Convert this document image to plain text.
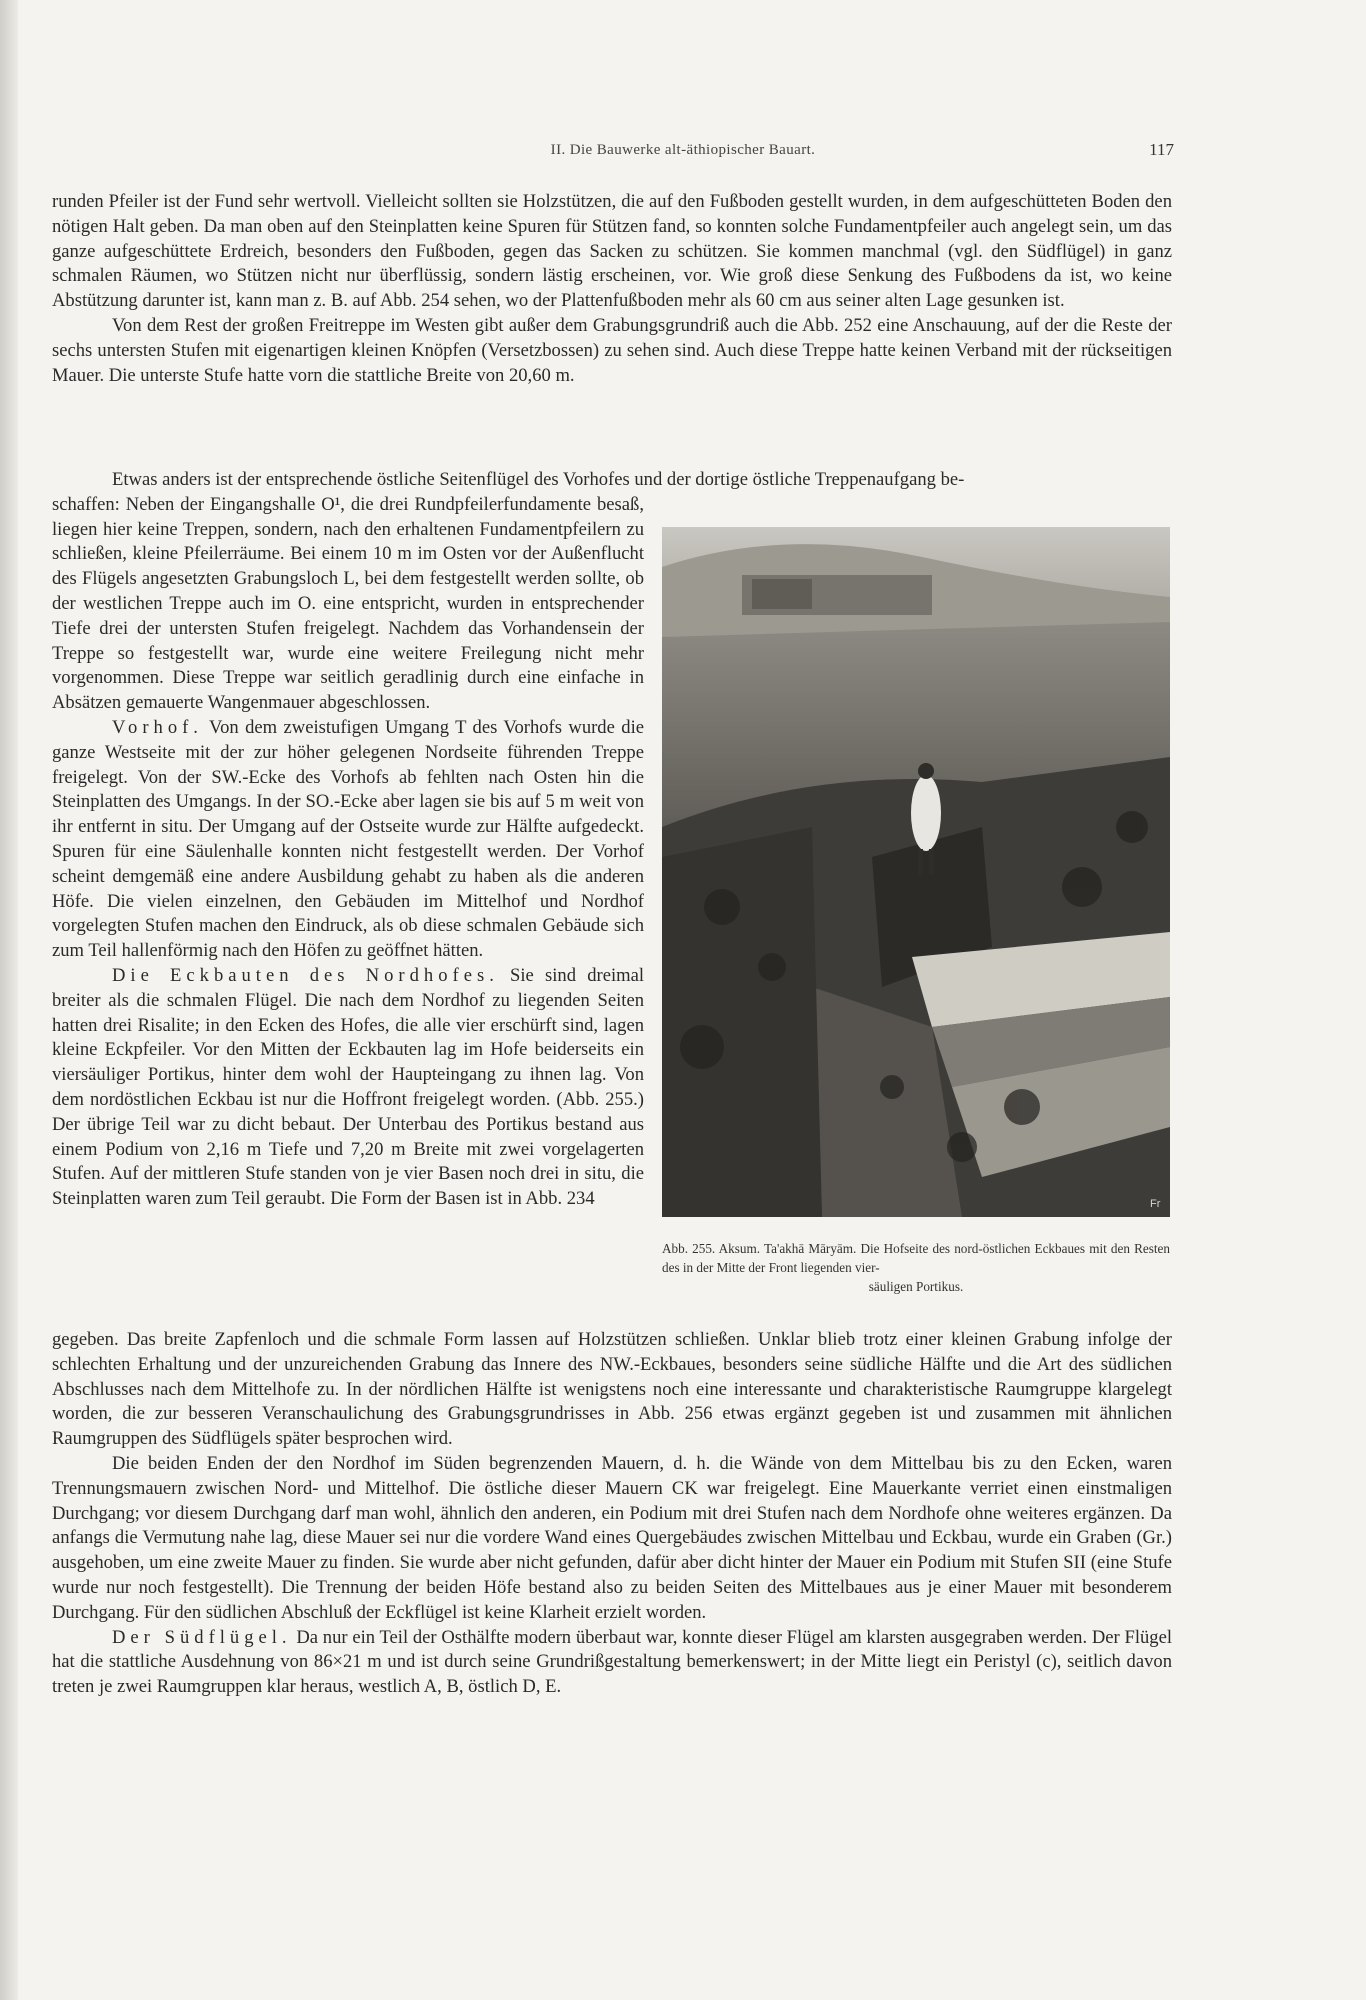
II. Die Bauwerke alt-äthiopischer Bauart.	117

runden Pfeiler ist der Fund sehr wertvoll. Vielleicht sollten sie Holzstützen, die auf den Fußboden gestellt wurden, in dem aufgeschütteten Boden den nötigen Halt geben. Da man oben auf den Steinplatten keine Spuren für Stützen fand, so konnten solche Fundamentpfeiler auch angelegt sein, um das ganze aufgeschüttete Erdreich, besonders den Fußboden, gegen das Sacken zu schützen. Sie kommen manchmal (vgl. den Südflügel) in ganz schmalen Räumen, wo Stützen nicht nur überflüssig, sondern lästig erscheinen, vor. Wie groß diese Senkung des Fußbodens da ist, wo keine Abstützung darunter ist, kann man z. B. auf Abb. 254 sehen, wo der Plattenfußboden mehr als 60 cm aus seiner alten Lage gesunken ist.

Von dem Rest der großen Freitreppe im Westen gibt außer dem Grabungsgrundriß auch die Abb. 252 eine Anschauung, auf der die Reste der sechs untersten Stufen mit eigenartigen kleinen Knöpfen (Versetzbossen) zu sehen sind. Auch diese Treppe hatte keinen Verband mit der rückseitigen Mauer. Die unterste Stufe hatte vorn die stattliche Breite von 20,60 m.

Etwas anders ist der entsprechende östliche Seitenflügel des Vorhofes und der dortige östliche Treppenaufgang be-

schaffen: Neben der Eingangshalle O¹, die drei Rundpfeilerfundamente besaß, liegen hier keine Treppen, sondern, nach den erhaltenen Fundamentpfeilern zu schließen, kleine Pfeilerräume. Bei einem 10 m im Osten vor der Außenflucht des Flügels angesetzten Grabungsloch L, bei dem festgestellt werden sollte, ob der westlichen Treppe auch im O. eine entspricht, wurden in entsprechender Tiefe drei der untersten Stufen freigelegt. Nachdem das Vorhandensein der Treppe so festgestellt war, wurde eine weitere Freilegung nicht mehr vorgenommen. Diese Treppe war seitlich geradlinig durch eine einfache in Absätzen gemauerte Wangenmauer abgeschlossen.

Vorhof. Von dem zweistufigen Umgang T des Vorhofs wurde die ganze Westseite mit der zur höher gelegenen Nordseite führenden Treppe freigelegt. Von der SW.-Ecke des Vorhofs ab fehlten nach Osten hin die Steinplatten des Umgangs. In der SO.-Ecke aber lagen sie bis auf 5 m weit von ihr entfernt in situ. Der Umgang auf der Ostseite wurde zur Hälfte aufgedeckt. Spuren für eine Säulenhalle konnten nicht festgestellt werden. Der Vorhof scheint demgemäß eine andere Ausbildung gehabt zu haben als die anderen Höfe. Die vielen einzelnen, den Gebäuden im Mittelhof und Nordhof vorgelegten Stufen machen den Eindruck, als ob diese schmalen Gebäude sich zum Teil hallenförmig nach den Höfen zu geöffnet hätten.

Die Eckbauten des Nordhofes. Sie sind dreimal breiter als die schmalen Flügel. Die nach dem Nordhof zu liegenden Seiten hatten drei Risalite; in den Ecken des Hofes, die alle vier erschürft sind, lagen kleine Eckpfeiler. Vor den Mitten der Eckbauten lag im Hofe beiderseits ein viersäuliger Portikus, hinter dem wohl der Haupteingang zu ihnen lag. Von dem nordöstlichen Eckbau ist nur die Hoffront freigelegt worden. (Abb. 255.) Der übrige Teil war zu dicht bebaut. Der Unterbau des Portikus bestand aus einem Podium von 2,16 m Tiefe und 7,20 m Breite mit zwei vorgelagerten Stufen. Auf der mittleren Stufe standen von je vier Basen noch drei in situ, die Steinplatten waren zum Teil geraubt. Die Form der Basen ist in Abb. 234	Fr
Abb. 255. Aksum. Ta'akhā Māryām. Die Hofseite des nord-östlichen Eckbaues mit den Resten des in der Mitte der Front liegenden vier-
säuligen Portikus.

gegeben. Das breite Zapfenloch und die schmale Form lassen auf Holzstützen schließen. Unklar blieb trotz einer kleinen Grabung infolge der schlechten Erhaltung und der unzureichenden Grabung das Innere des NW.-Eckbaues, besonders seine südliche Hälfte und die Art des südlichen Abschlusses nach dem Mittelhofe zu. In der nördlichen Hälfte ist wenigstens noch eine interessante und charakteristische Raumgruppe klargelegt worden, die zur besseren Veranschaulichung des Grabungsgrundrisses in Abb. 256 etwas ergänzt gegeben ist und zusammen mit ähnlichen Raumgruppen des Südflügels später besprochen wird.

Die beiden Enden der den Nordhof im Süden begrenzenden Mauern, d. h. die Wände von dem Mittelbau bis zu den Ecken, waren Trennungsmauern zwischen Nord- und Mittelhof. Die östliche dieser Mauern CK war freigelegt. Eine Mauerkante verriet einen einstmaligen Durchgang; vor diesem Durchgang darf man wohl, ähnlich den anderen, ein Podium mit drei Stufen nach dem Nordhofe ohne weiteres ergänzen. Da anfangs die Vermutung nahe lag, diese Mauer sei nur die vordere Wand eines Quergebäudes zwischen Mittelbau und Eckbau, wurde ein Graben (Gr.) ausgehoben, um eine zweite Mauer zu finden. Sie wurde aber nicht gefunden, dafür aber dicht hinter der Mauer ein Podium mit Stufen SII (eine Stufe wurde nur noch festgestellt). Die Trennung der beiden Höfe bestand also zu beiden Seiten des Mittelbaues aus je einer Mauer mit besonderem Durchgang. Für den südlichen Abschluß der Eckflügel ist keine Klarheit erzielt worden.

Der Südflügel. Da nur ein Teil der Osthälfte modern überbaut war, konnte dieser Flügel am klarsten ausgegraben werden. Der Flügel hat die stattliche Ausdehnung von 86×21 m und ist durch seine Grundrißgestaltung bemerkenswert; in der Mitte liegt ein Peristyl (c), seitlich davon treten je zwei Raumgruppen klar heraus, westlich A, B, östlich D, E.
